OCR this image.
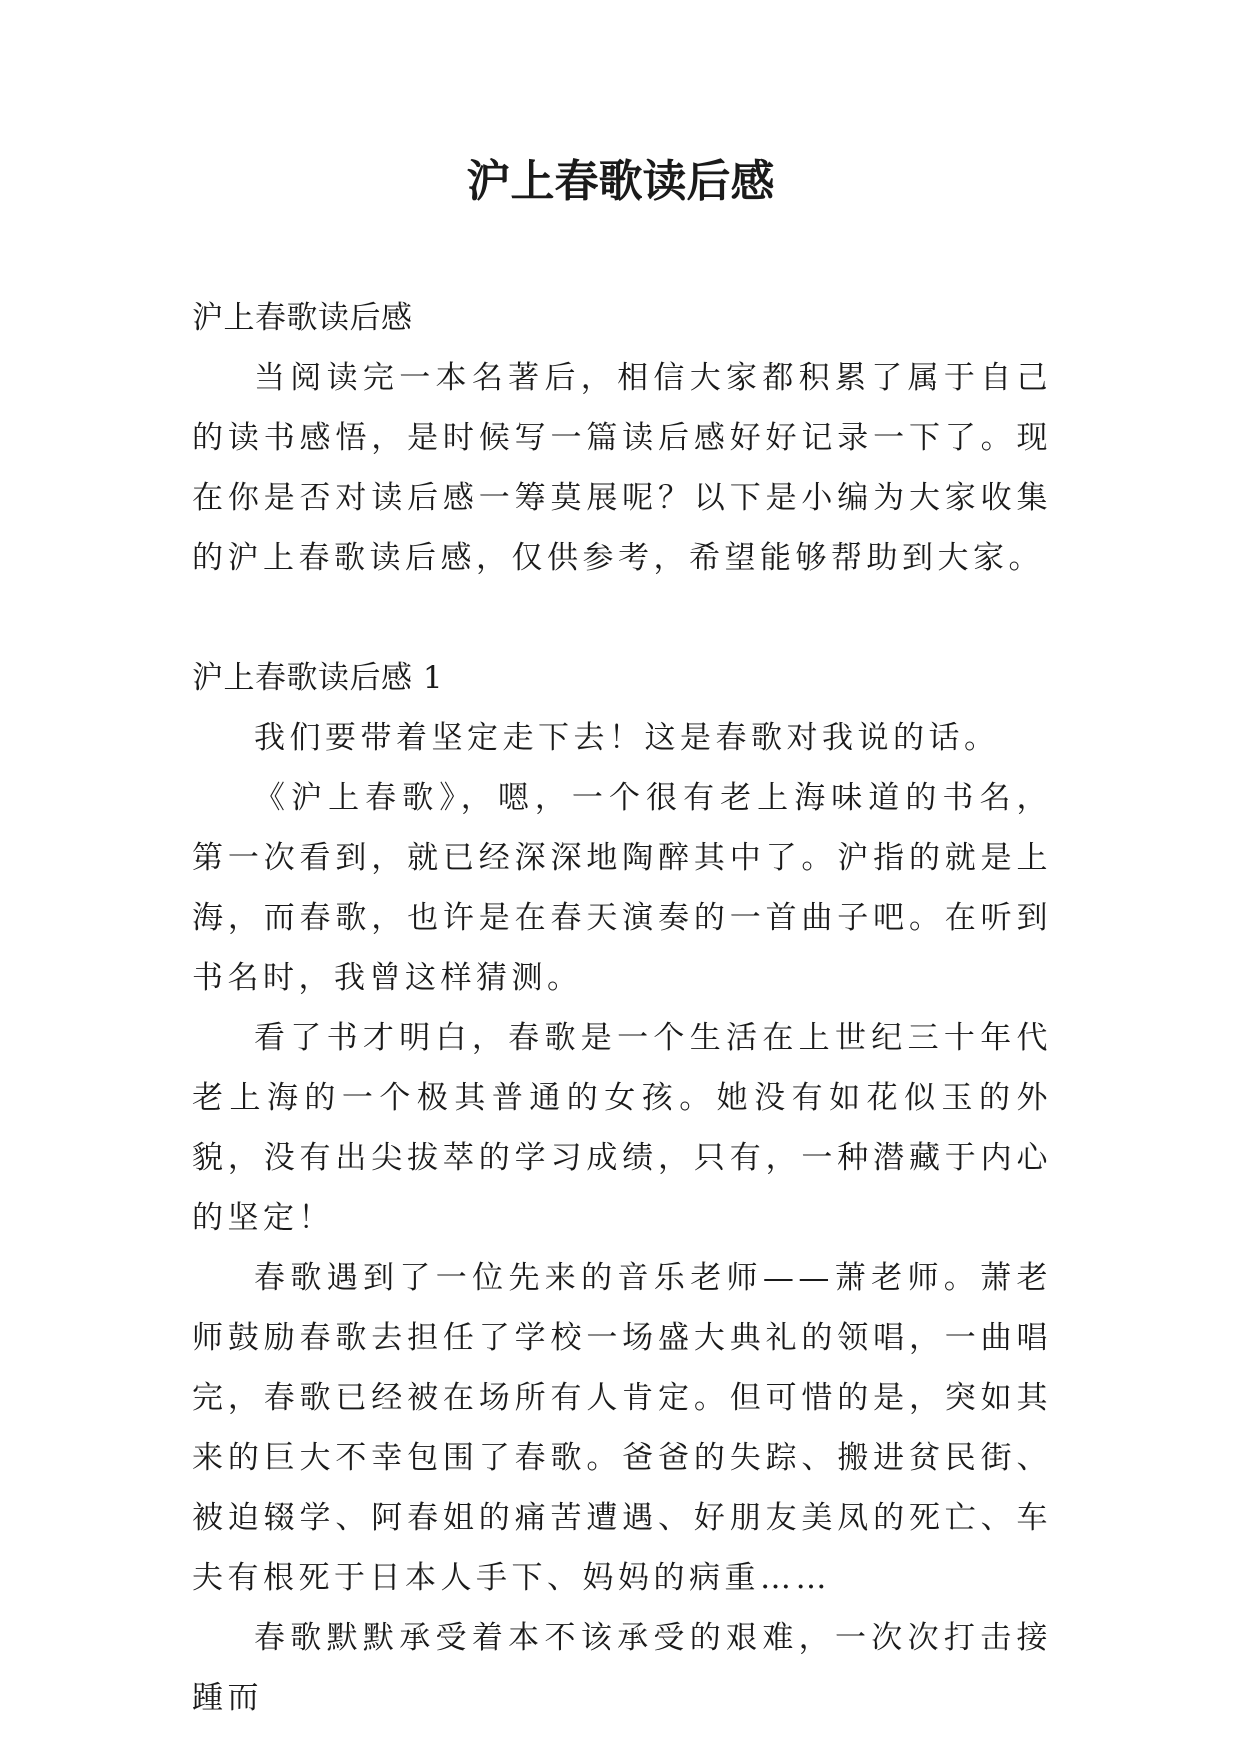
沪上春歌读后感

沪上春歌读后感

当阅读完一本名著后，相信大家都积累了属于自己的读书感悟，是时候写一篇读后感好好记录一下了。现在你是否对读后感一筹莫展呢？以下是小编为大家收集的沪上春歌读后感，仅供参考，希望能够帮助到大家。

沪上春歌读后感 1

我们要带着坚定走下去！这是春歌对我说的话。

《沪上春歌》，嗯，一个很有老上海味道的书名，第一次看到，就已经深深地陶醉其中了。沪指的就是上海，而春歌，也许是在春天演奏的一首曲子吧。在听到书名时，我曾这样猜测。

看了书才明白，春歌是一个生活在上世纪三十年代老上海的一个极其普通的女孩。她没有如花似玉的外貌，没有出尖拔萃的学习成绩，只有，一种潜藏于内心的坚定！

春歌遇到了一位先来的音乐老师——萧老师。萧老师鼓励春歌去担任了学校一场盛大典礼的领唱，一曲唱完，春歌已经被在场所有人肯定。但可惜的是，突如其来的巨大不幸包围了春歌。爸爸的失踪、搬进贫民街、被迫辍学、阿春姐的痛苦遭遇、好朋友美凤的死亡、车夫有根死于日本人手下、妈妈的病重……

春歌默默承受着本不该承受的艰难，一次次打击接踵而
